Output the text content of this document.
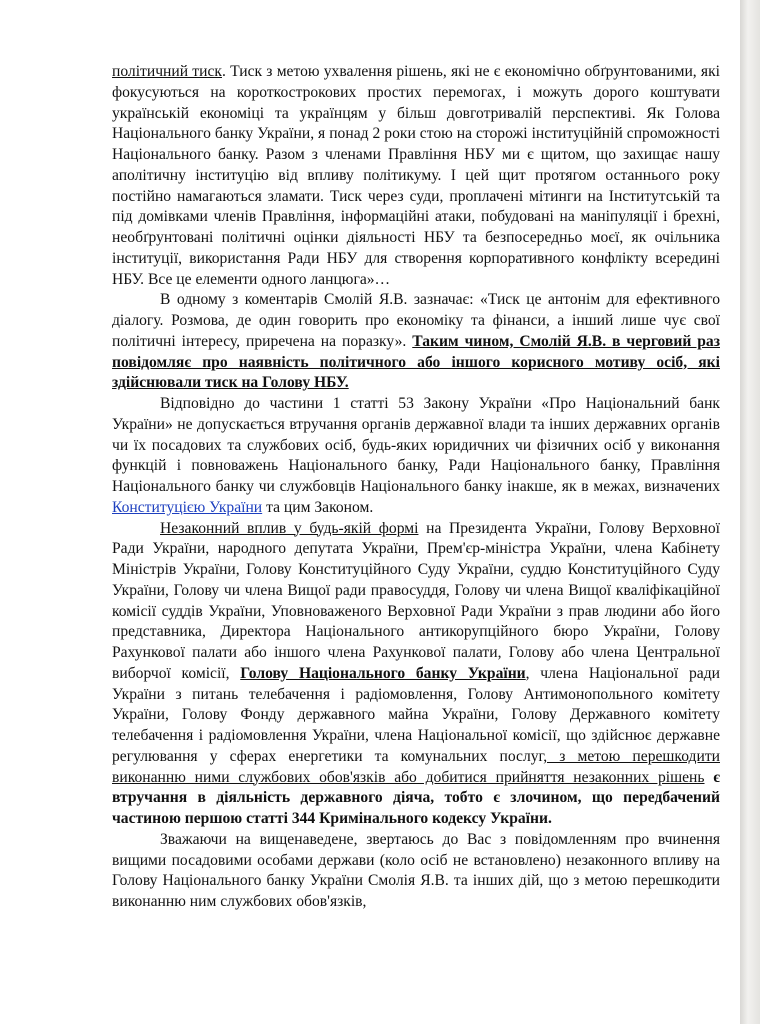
політичний тиск. Тиск з метою ухвалення рішень, які не є економічно обґрунтованими, які фокусуються на короткострокових простих перемогах, і можуть дорого коштувати українській економіці та українцям у більш довготривалій перспективі. Як Голова Національного банку України, я понад 2 роки стою на сторожі інституційній спроможності Національного банку. Разом з членами Правління НБУ ми є щитом, що захищає нашу аполітичну інституцію від впливу політикуму. І цей щит протягом останнього року постійно намагаються зламати. Тиск через суди, проплачені мітинги на Інститутській та під домівками членів Правління, інформаційні атаки, побудовані на маніпуляції і брехні, необґрунтовані політичні оцінки діяльності НБУ та безпосередньо моєї, як очільника інституції, використання Ради НБУ для створення корпоративного конфлікту всередині НБУ. Все це елементи одного ланцюга»…

В одному з коментарів Смолій Я.В. зазначає: «Тиск це антонім для ефективного діалогу. Розмова, де один говорить про економіку та фінанси, а інший лише чує свої політичні інтересу, приречена на поразку». Таким чином, Смолій Я.В. в черговий раз повідомляє про наявність політичного або іншого корисного мотиву осіб, які здійснювали тиск на Голову НБУ.

Відповідно до частини 1 статті 53 Закону України «Про Національний банк України» не допускається втручання органів державної влади та інших державних органів чи їх посадових та службових осіб, будь-яких юридичних чи фізичних осіб у виконання функцій і повноважень Національного банку, Ради Національного банку, Правління Національного банку чи службовців Національного банку інакше, як в межах, визначених Конституцією України та цим Законом.

Незаконний вплив у будь-якій формі на Президента України, Голову Верховної Ради України, народного депутата України, Прем'єр-міністра України, члена Кабінету Міністрів України, Голову Конституційного Суду України, суддю Конституційного Суду України, Голову чи члена Вищої ради правосуддя, Голову чи члена Вищої кваліфікаційної комісії суддів України, Уповноваженого Верховної Ради України з прав людини або його представника, Директора Національного антикорупційного бюро України, Голову Рахункової палати або іншого члена Рахункової палати, Голову або члена Центральної виборчої комісії, Голову Національного банку України, члена Національної ради України з питань телебачення і радіомовлення, Голову Антимонопольного комітету України, Голову Фонду державного майна України, Голову Державного комітету телебачення і радіомовлення України, члена Національної комісії, що здійснює державне регулювання у сферах енергетики та комунальних послуг, з метою перешкодити виконанню ними службових обов'язків або добитися прийняття незаконних рішень є втручання в діяльність державного діяча, тобто є злочином, що передбачений частиною першою статті 344 Кримінального кодексу України.

Зважаючи на вищенаведене, звертаюсь до Вас з повідомленням про вчинення вищими посадовими особами держави (коло осіб не встановлено) незаконного впливу на Голову Національного банку України Смолія Я.В. та інших дій, що з метою перешкодити виконанню ним службових обов'язків,
